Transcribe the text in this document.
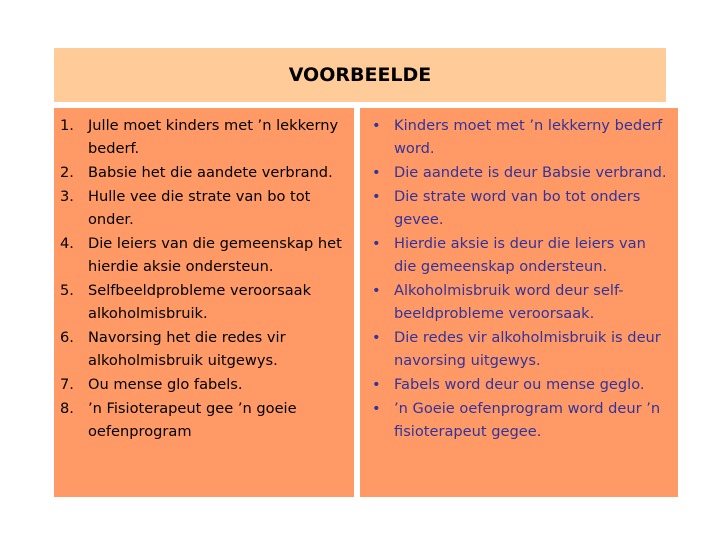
VOORBEELDE
1. Julle moet kinders met ’n lekkerny bederf.
2. Babsie het die aandete verbrand.
3. Hulle vee die strate van bo tot onder.
4. Die leiers van die gemeenskap het hierdie aksie ondersteun.
5. Selfbeeldprobleme veroorsaak alkoholmisbruik.
6. Navorsing het die redes vir alkoholmisbruik uitgewys.
7. Ou mense glo fabels.
8. ’n Fisioterapeut gee ’n goeie oefenprogram
• Kinders moet met ’n lekkerny bederf word.
• Die aandete is deur Babsie verbrand.
• Die strate word van bo tot onders gevee.
• Hierdie aksie is deur die leiers van die gemeenskap ondersteun.
• Alkoholmisbruik word deur self-beeldprobleme veroorsaak.
• Die redes vir alkoholmisbruik is deur navorsing uitgewys.
• Fabels word deur ou mense geglo.
• ’n Goeie oefenprogram word deur ’n fisioterapeut gegee.
